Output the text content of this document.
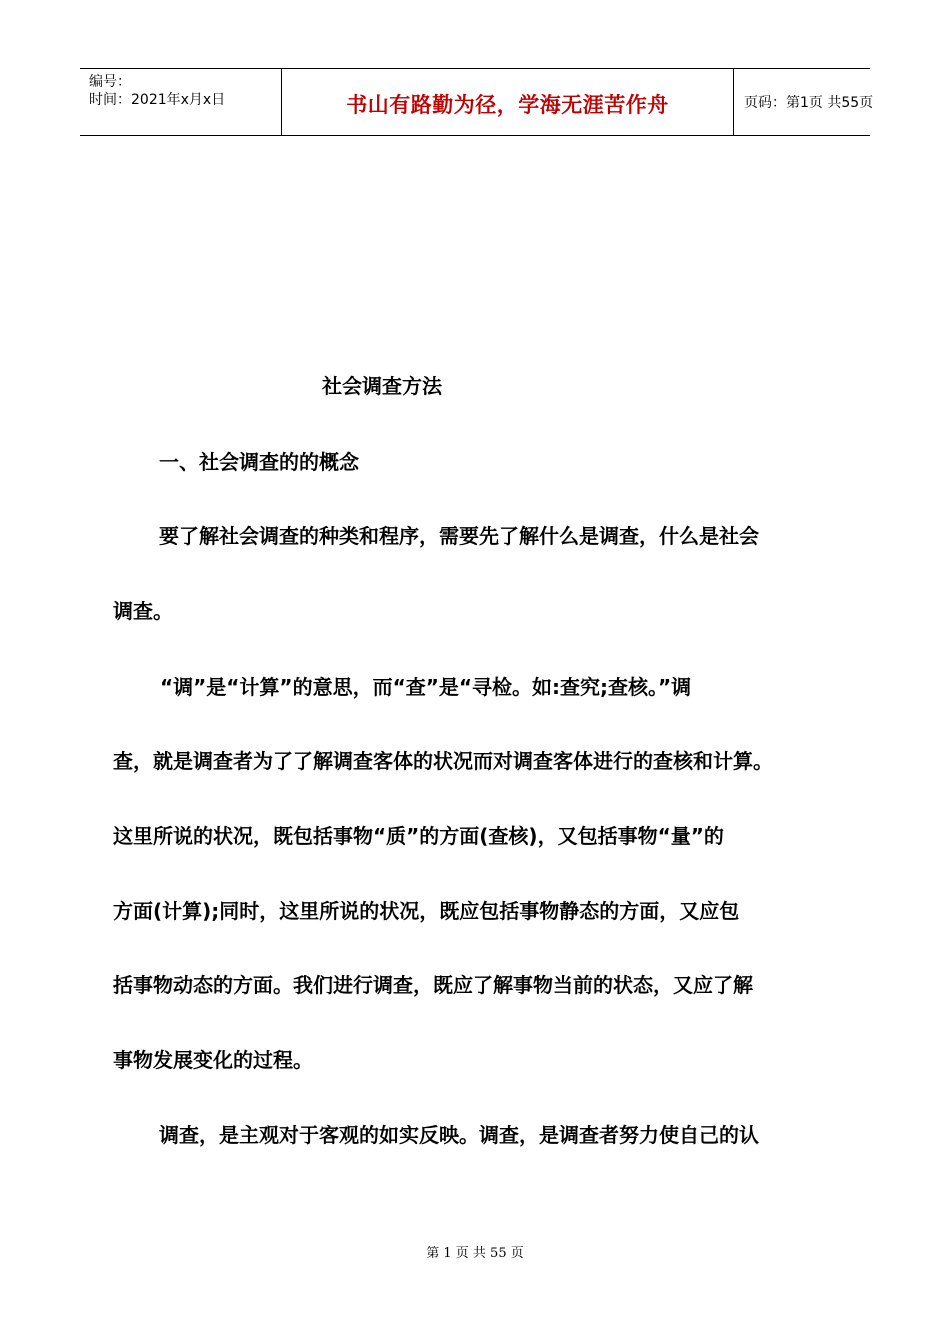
编号：
时间：2021年x月x日	书山有路勤为径，学海无涯苦作舟	页码：第1页 共55页
社会调查方法
一、社会调查的的概念
要了解社会调查的种类和程序，需要先了解什么是调查，什么是社会
调查。
“调”是“计算”的意思，而“查”是“寻检。如:查究;查核。”调
查，就是调查者为了了解调查客体的状况而对调查客体进行的查核和计算。
这里所说的状况，既包括事物“质”的方面(查核)，又包括事物“量”的
方面(计算);同时，这里所说的状况，既应包括事物静态的方面，又应包
括事物动态的方面。我们进行调查，既应了解事物当前的状态，又应了解
事物发展变化的过程。
调查，是主观对于客观的如实反映。调查，是调查者努力使自己的认
第 1 页 共 55 页
